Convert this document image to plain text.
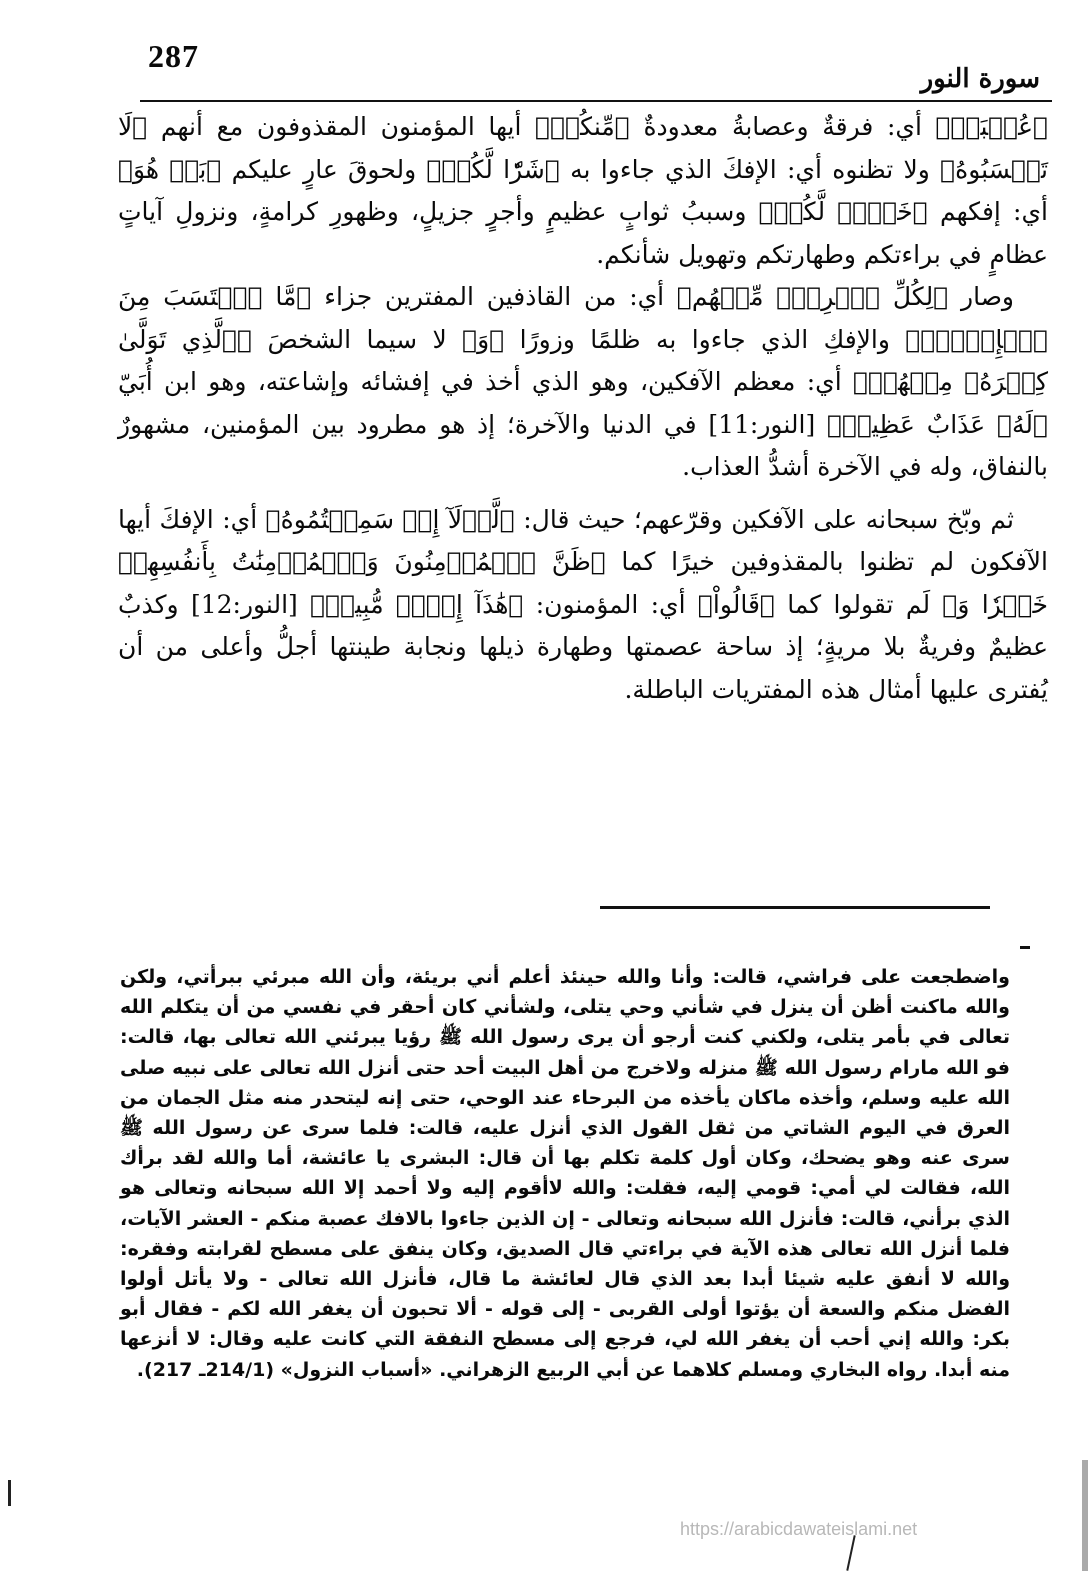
287
سورة النور

﴿عُصۡبَةٞ﴾ أي: فرقةٌ وعصابةُ معدودةٌ ﴿مِّنكُمۡ﴾ أيها المؤمنون المقذوفون مع أنهم ﴿لَا تَحۡسَبُوهُ﴾ ولا تظنوه أي: الإفكَ الذي جاءوا به ﴿شَرّٗا لَّكُمۖ﴾ ولحوقَ عارٍ عليكم ﴿بَلۡ هُوَ﴾ أي: إفكهم ﴿خَيۡرٞ لَّكُمۡ﴾ وسببُ ثوابٍ عظيمٍ وأجرٍ جزيلٍ، وظهورِ كرامةٍ، ونزولِ آياتٍ عظامٍ في براءتكم وطهارتكم وتهويل شأنكم.

وصار ﴿لِكُلِّ ٱمۡرِيٕٖ مِّنۡهُم﴾ أي: من القاذفين المفترين جزاء ﴿مَّا ٱكۡتَسَبَ مِنَ ٱلۡإِثۡمِۚ﴾ والإفكِ الذي جاءوا به ظلمًا وزورًا ﴿وَ﴾ لا سيما الشخصَ ﴿ٱلَّذِي تَوَلَّىٰ كِبۡرَهُۥ مِنۡهُمۡ﴾ أي: معظم الآفكين، وهو الذي أخذ في إفشائه وإشاعته، وهو ابن أُبَيّ ﴿لَهُۥ عَذَابٌ عَظِيمٞ﴾ [النور:11] في الدنيا والآخرة؛ إذ هو مطرود بين المؤمنين، مشهورٌ بالنفاق، وله في الآخرة أشدُّ العذاب.

ثم وبّخ سبحانه على الآفكين وقرّعهم؛ حيث قال: ﴿لَّوۡلَآ إِذۡ سَمِعۡتُمُوهُ﴾ أي: الإفكَ أيها الآفكون لم تظنوا بالمقذوفين خيرًا كما ﴿ظَنَّ ٱلۡمُؤۡمِنُونَ وَٱلۡمُؤۡمِنَٰتُ بِأَنفُسِهِمۡ خَيۡرٗا وَ﴾ لَم تقولوا كما ﴿قَالُواْ﴾ أي: المؤمنون: ﴿هَٰذَآ إِفۡكٞ مُّبِينٞ﴾ [النور:12] وكذبٌ عظيمٌ وفريةٌ بلا مريةٍ؛ إذ ساحة عصمتها وطهارة ذيلها ونجابة طينتها أجلُّ وأعلى من أن يُفترى عليها أمثال هذه المفتريات الباطلة.

واضطجعت على فراشي، قالت: وأنا والله حينئذ أعلم أني بريئة، وأن الله مبرئي ببرأتي، ولكن والله ماكنت أظن أن ينزل في شأني وحي يتلى، ولشأني كان أحقر في نفسي من أن يتكلم الله تعالى في بأمر يتلى، ولكني كنت أرجو أن يرى رسول الله ﷺ رؤيا يبرئني الله تعالى بها، قالت: فو الله مارام رسول الله ﷺ منزله ولاخرج من أهل البيت أحد حتى أنزل الله تعالى على نبيه صلى الله عليه وسلم، وأخذه ماكان يأخذه من البرحاء عند الوحي، حتى إنه ليتحدر منه مثل الجمان من العرق في اليوم الشاتي من ثقل القول الذي أنزل عليه، قالت: فلما سرى عن رسول الله ﷺ سرى عنه وهو يضحك، وكان أول كلمة تكلم بها أن قال: البشرى يا عائشة، أما والله لقد برأك الله، فقالت لي أمي: قومي إليه، فقلت: والله لاأقوم إليه ولا أحمد إلا الله سبحانه وتعالى هو الذي برأني، قالت: فأنزل الله سبحانه وتعالى - إن الذين جاءوا بالافك عصبة منكم - العشر الآيات، فلما أنزل الله تعالى هذه الآية في براءتي قال الصديق، وكان ينفق على مسطح لقرابته وفقره: والله لا أنفق عليه شيئا أبدا بعد الذي قال لعائشة ما قال، فأنزل الله تعالى - ولا يأتل أولوا الفضل منكم والسعة أن يؤتوا أولى القربى - إلى قوله - ألا تحبون أن يغفر الله لكم - فقال أبو بكر: والله إني أحب أن يغفر الله لي، فرجع إلى مسطح النفقة التي كانت عليه وقال: لا أنزعها منه أبدا. رواه البخاري ومسلم كلاهما عن أبي الربيع الزهراني. «أسباب النزول» (214/1ـ 217).

https://arabicdawateislami.net
